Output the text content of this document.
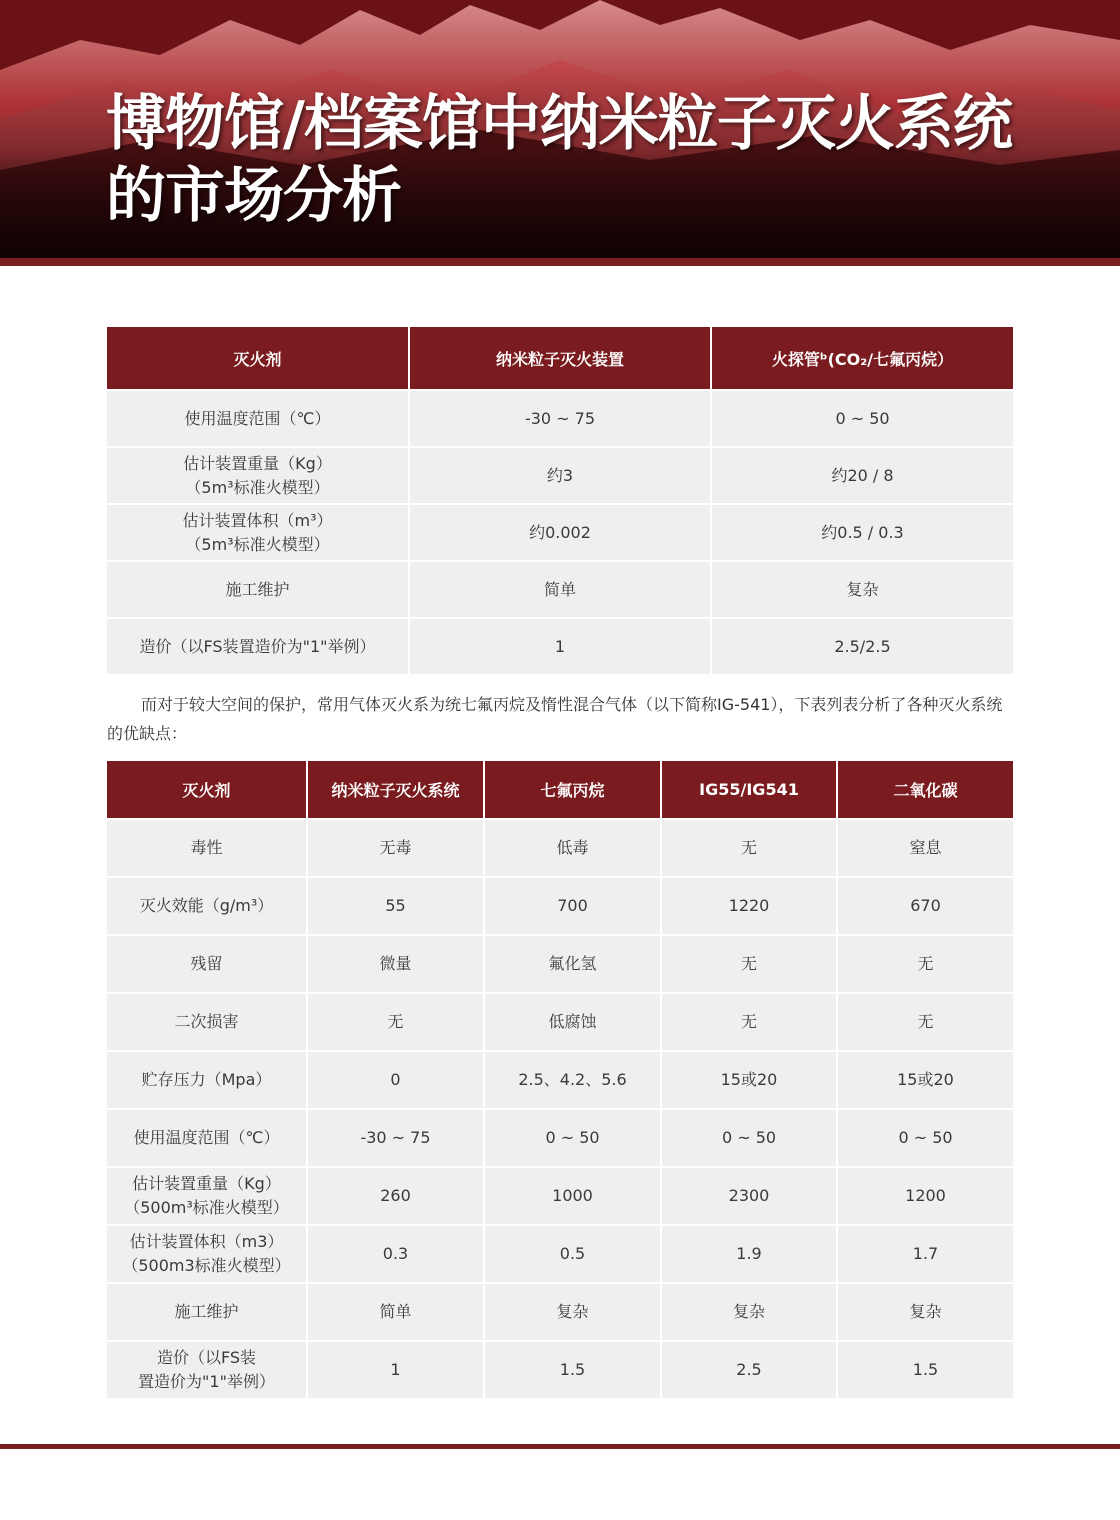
博物馆/档案馆中纳米粒子灭火系统
的市场分析
灭火剂	纳米粒子灭火装置	火探管ᵇ(CO₂/七氟丙烷）
使用温度范围（℃）	-30 ~ 75	0 ~ 50
估计装置重量（Kg）
（5m³标准火模型）	约3	约20 / 8
估计装置体积（m³）
（5m³标准火模型）	约0.002	约0.5 / 0.3
施工维护	简单	复杂
造价（以FS装置造价为"1"举例）	1	2.5/2.5

而对于较大空间的保护，常用气体灭火系为统七氟丙烷及惰性混合气体（以下简称IG-541），下表列表分析了各种灭火系统的优缺点：

灭火剂	纳米粒子灭火系统	七氟丙烷	IG55/IG541	二氧化碳
毒性	无毒	低毒	无	窒息
灭火效能（g/m³）	55	700	1220	670
残留	微量	氟化氢	无	无
二次损害	无	低腐蚀	无	无
贮存压力（Mpa）	0	2.5、4.2、5.6	15或20	15或20
使用温度范围（℃）	-30 ~ 75	0 ~ 50	0 ~ 50	0 ~ 50
估计装置重量（Kg）
（500m³标准火模型）	260	1000	2300	1200
估计装置体积（m3）
（500m3标准火模型）	0.3	0.5	1.9	1.7
施工维护	简单	复杂	复杂	复杂
造价（以FS装
置造价为"1"举例）	1	1.5	2.5	1.5
